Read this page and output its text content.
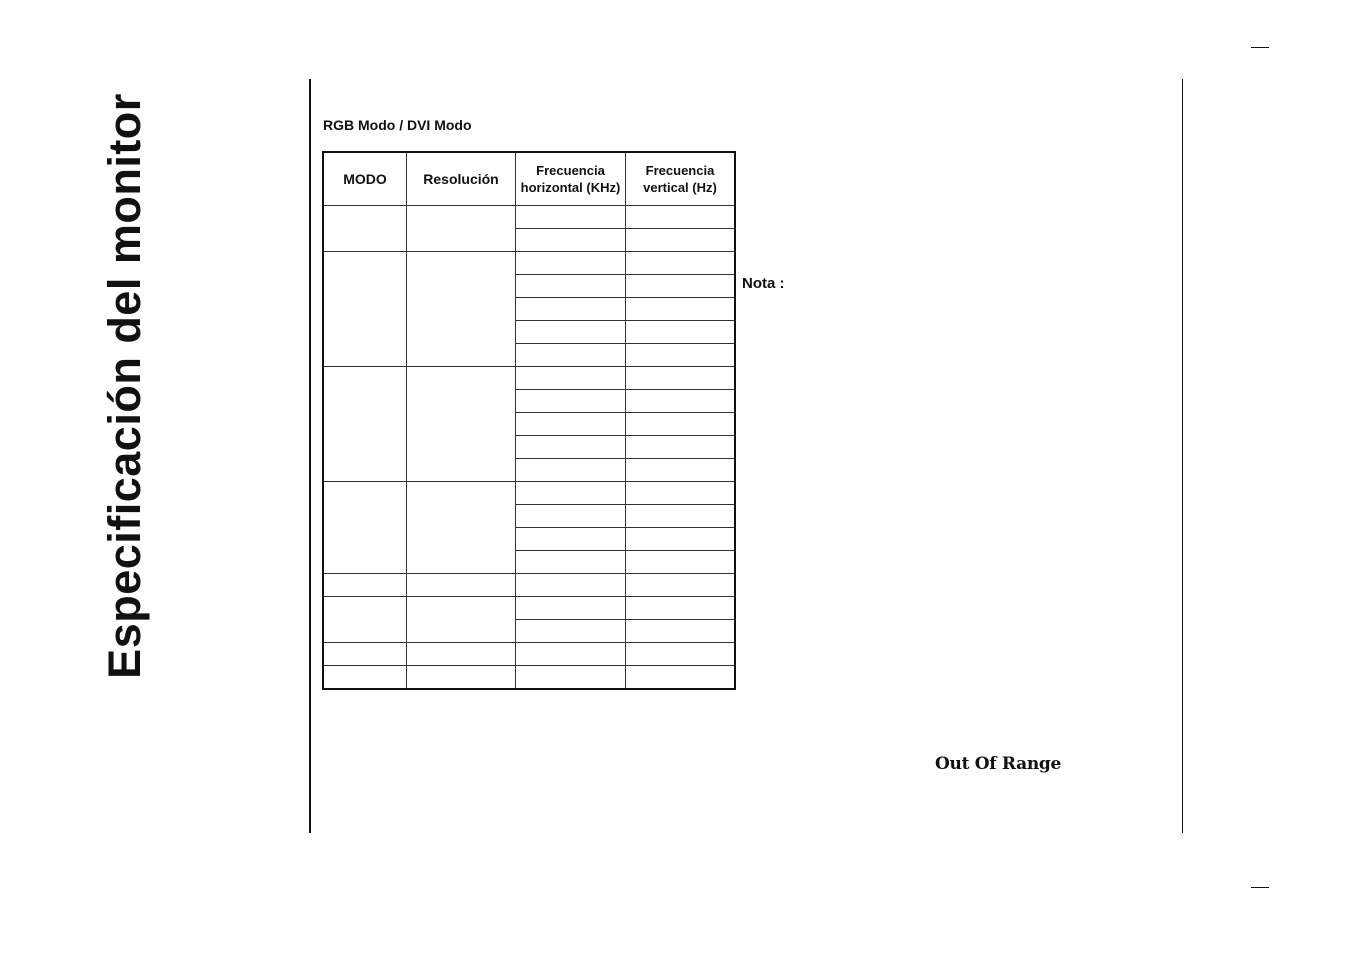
Especificación del monitor	RGB Modo / DVI Modo
MODO	Resolución	Frecuencia horizontal (KHz)	Frecuencia vertical (Hz)

Nota :
Out Of Range
